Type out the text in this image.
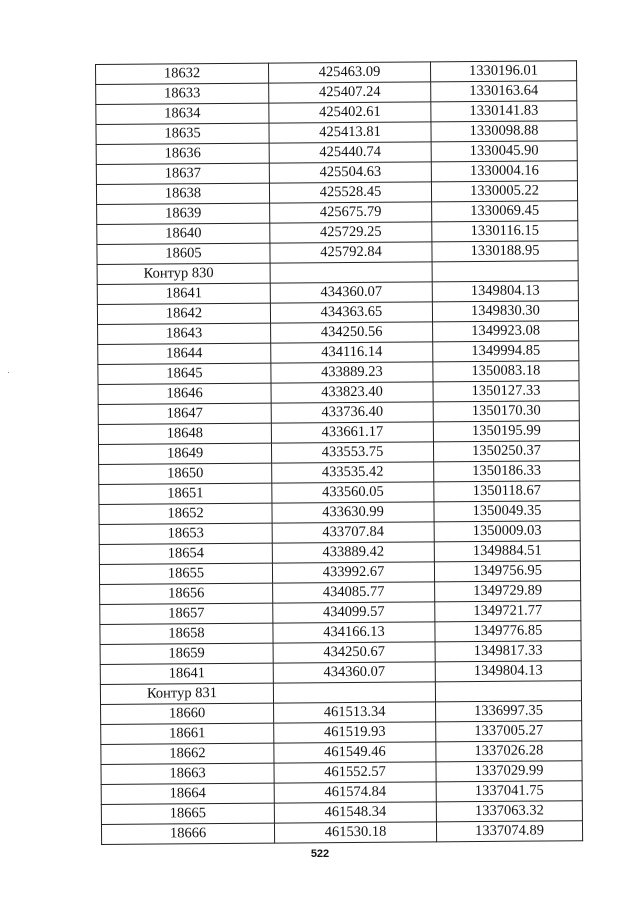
18632	425463.09	1330196.01
18633	425407.24	1330163.64
18634	425402.61	1330141.83
18635	425413.81	1330098.88
18636	425440.74	1330045.90
18637	425504.63	1330004.16
18638	425528.45	1330005.22
18639	425675.79	1330069.45
18640	425729.25	1330116.15
18605	425792.84	1330188.95
Контур 830		
18641	434360.07	1349804.13
18642	434363.65	1349830.30
18643	434250.56	1349923.08
18644	434116.14	1349994.85
18645	433889.23	1350083.18
18646	433823.40	1350127.33
18647	433736.40	1350170.30
18648	433661.17	1350195.99
18649	433553.75	1350250.37
18650	433535.42	1350186.33
18651	433560.05	1350118.67
18652	433630.99	1350049.35
18653	433707.84	1350009.03
18654	433889.42	1349884.51
18655	433992.67	1349756.95
18656	434085.77	1349729.89
18657	434099.57	1349721.77
18658	434166.13	1349776.85
18659	434250.67	1349817.33
18641	434360.07	1349804.13
Контур 831		
18660	461513.34	1336997.35
18661	461519.93	1337005.27
18662	461549.46	1337026.28
18663	461552.57	1337029.99
18664	461574.84	1337041.75
18665	461548.34	1337063.32
18666	461530.18	1337074.89
522
